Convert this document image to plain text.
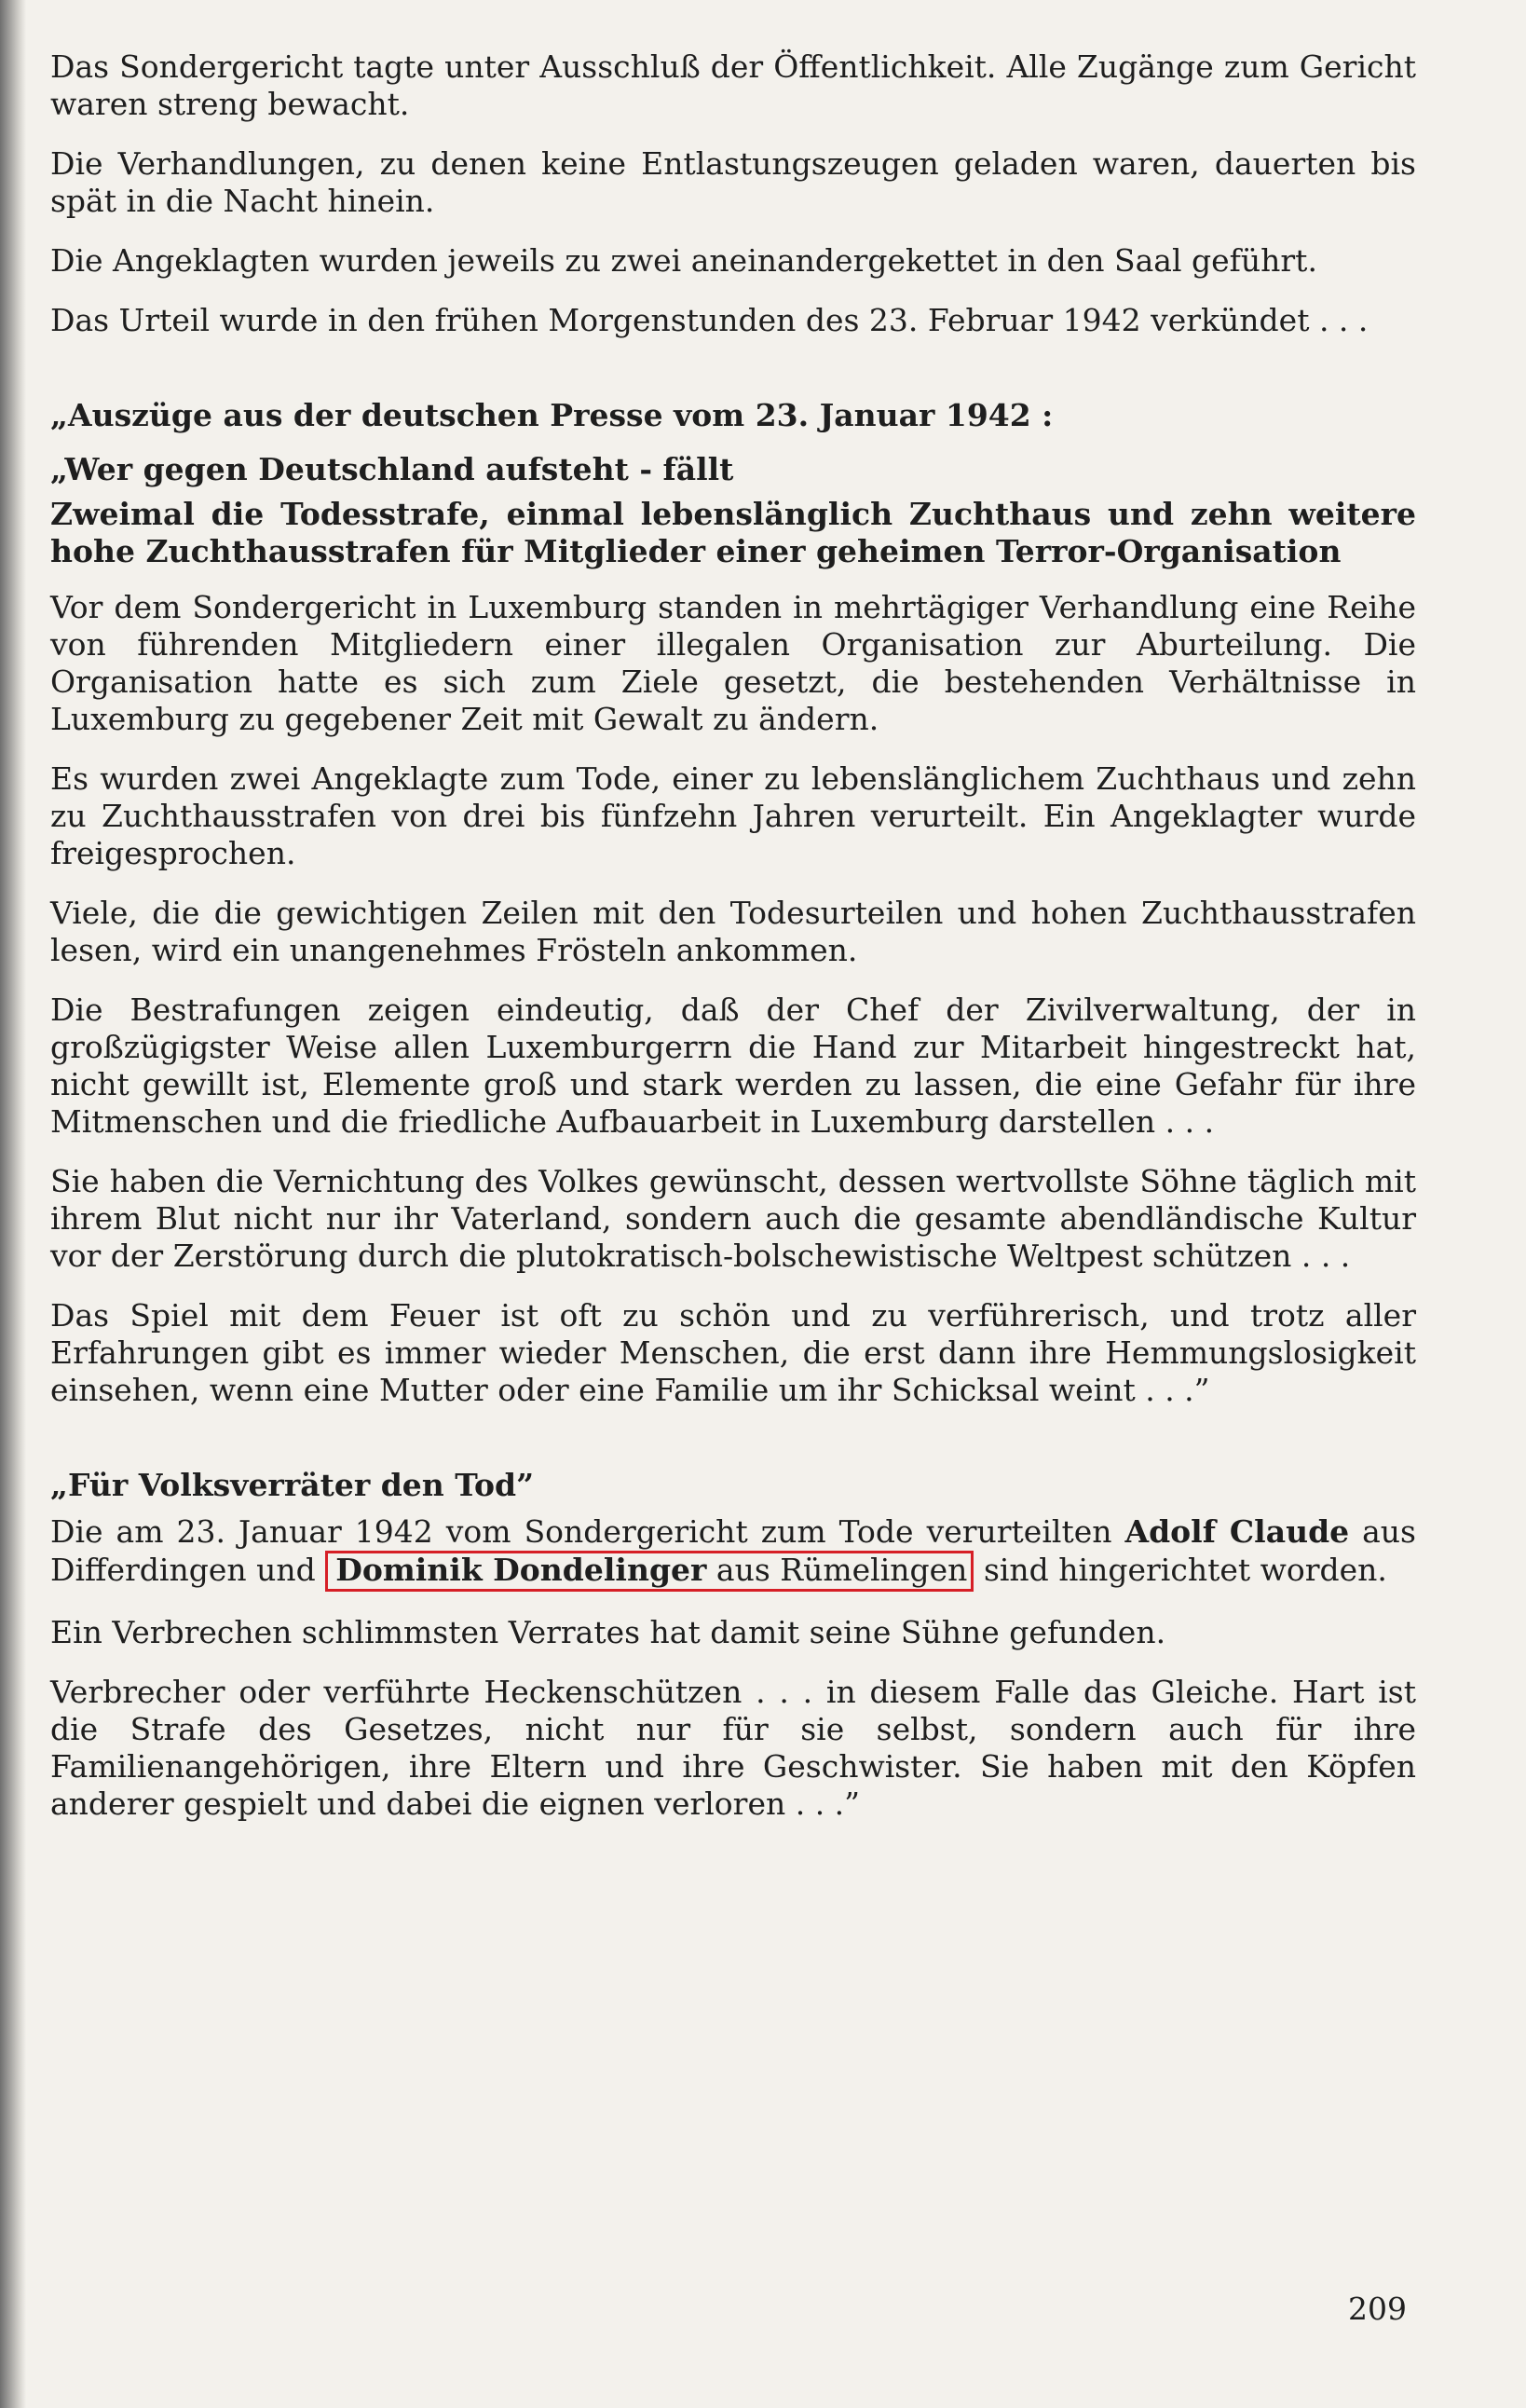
Das Sondergericht tagte unter Ausschluß der Öffentlichkeit. Alle Zugänge zum Gericht waren streng bewacht.

Die Verhandlungen, zu denen keine Entlastungszeugen geladen waren, dauerten bis spät in die Nacht hinein.

Die Angeklagten wurden jeweils zu zwei aneinandergekettet in den Saal geführt.

Das Urteil wurde in den frühen Morgenstunden des 23. Februar 1942 verkündet . . .

„Auszüge aus der deutschen Presse vom 23. Januar 1942 :
„Wer gegen Deutschland aufsteht - fällt
Zweimal die Todesstrafe, einmal lebenslänglich Zuchthaus und zehn weitere hohe Zuchthausstrafen für Mitglieder einer geheimen Terror-Organisation

Vor dem Sondergericht in Luxemburg standen in mehrtägiger Verhandlung eine Reihe von führenden Mitgliedern einer illegalen Organisation zur Aburteilung. Die Organisation hatte es sich zum Ziele gesetzt, die bestehenden Verhältnisse in Luxemburg zu gegebener Zeit mit Gewalt zu ändern.

Es wurden zwei Angeklagte zum Tode, einer zu lebenslänglichem Zuchthaus und zehn zu Zuchthausstrafen von drei bis fünfzehn Jahren verurteilt. Ein Angeklagter wurde freigesprochen.

Viele, die die gewichtigen Zeilen mit den Todesurteilen und hohen Zuchthausstrafen lesen, wird ein unangenehmes Frösteln ankommen.

Die Bestrafungen zeigen eindeutig, daß der Chef der Zivilverwaltung, der in großzügigster Weise allen Luxemburgerrn die Hand zur Mitarbeit hingestreckt hat, nicht gewillt ist, Elemente groß und stark werden zu lassen, die eine Gefahr für ihre Mitmenschen und die friedliche Aufbauarbeit in Luxemburg darstellen . . .

Sie haben die Vernichtung des Volkes gewünscht, dessen wertvollste Söhne täglich mit ihrem Blut nicht nur ihr Vaterland, sondern auch die gesamte abendländische Kultur vor der Zerstörung durch die plutokratisch-bolschewistische Weltpest schützen . . .

Das Spiel mit dem Feuer ist oft zu schön und zu verführerisch, und trotz aller Erfahrungen gibt es immer wieder Menschen, die erst dann ihre Hemmungslosigkeit einsehen, wenn eine Mutter oder eine Familie um ihr Schicksal weint . . .”

„Für Volksverräter den Tod”

Die am 23. Januar 1942 vom Sondergericht zum Tode verurteilten Adolf Claude aus Differdingen und Dominik Dondelinger aus Rümelingen sind hingerichtet worden.

Ein Verbrechen schlimmsten Verrates hat damit seine Sühne gefunden.

Verbrecher oder verführte Heckenschützen . . . in diesem Falle das Gleiche. Hart ist die Strafe des Gesetzes, nicht nur für sie selbst, sondern auch für ihre Familienangehörigen, ihre Eltern und ihre Geschwister. Sie haben mit den Köpfen anderer gespielt und dabei die eignen verloren . . .”

209
